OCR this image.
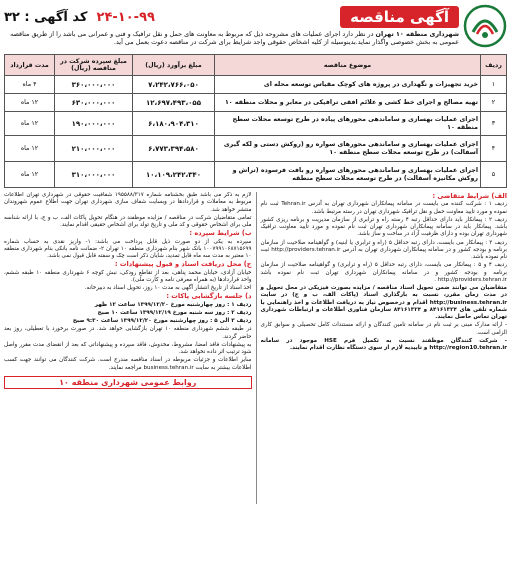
آگهی مناقصه
۲۴-۱۰-۹۹  کد آگهی : ۳۲
شهرداری منطقه ۱۰ تهران در نظر دارد اجرای عملیات های مشروحه ذیل که مربوط به معاونت های حمل و نقل ترافیک و فنی و عمرانی می باشد را از طریق مناقصه عمومی به بخش خصوصی واگذار نماید.بدینوسیله از کلیه اشخاص حقوقی واجد شرایط برای شرکت در مناقصه دعوت بعمل می آید.
ردیف	موضوع مناقصه	مبلغ برآورد (ریال)	مبلغ سپرده شرکت در مناقصه (ریال)	مدت قرارداد
۱	خرید تجهیزات و نگهداری در پروژه های کوچک مقیاس توسعه محله ای	۷،۲۴۲،۷۶۶،۰۵۰	۳۶۰،۰۰۰،۰۰۰	۴ ماه
۲	تهیه مصالح و اجرای خط کشی و علائم افقی ترافیکی در معابر و محلات منطقه ۱۰	۱۲،۶۹۷،۴۹۳،۰۵۵	۶۳۰،۰۰۰،۰۰۰	۱۲ ماه
۳	اجرای عملیات بهسازی و ساماندهی محورهای پیاده در طرح توسعه محلات سطح منطقه ۱۰	۶،۱۸۰،۹۰۴،۳۱۰	۱۹۰،۰۰۰،۰۰۰	۱۲ ماه
۴	اجرای عملیات بهسازی و ساماندهی محورهای سواره رو (روکش دستی و لکه گیری آسفالت) در طرح توسعه محلات سطح منطقه ۱۰	۶،۷۷۳،۳۹۴،۵۸۰	۲۱۰،۰۰۰،۰۰۰	۱۲ ماه
۵	اجرای عملیات بهسازی و ساماندهی محورهای سواره رو بافت فرسوده (تراش و روکش مکانیزه آسفالت) در طرح توسعه محلات سطح منطقه	۱۰،۱۰۹،۲۴۲،۳۴۰	۳۱۰،۰۰۰،۰۰۰	۱۲ ماه
الف) شرایط متقاضی :
ردیف ۱ : شرکت کننده می بایست در سامانه پیمانکاران شهرداری تهران به آدرس Tehran.ir ثبت نام نموده و مورد تایید معاونت حمل و نقل ترافیک شهرداری تهران در رسته مرتبط باشد.
ردیف ۲ : پیمانکار باید دارای حداقل رتبه ۴ رسته راه و ترابری از سازمان مدیریت و برنامه ریزی کشور باشد. پیمانکار باید در سامانه پیمانکاران شهرداری تهران ثبت نام نموده و مورد تایید معاونت ترافیک شهرداری تهران بوده و دارای ظرفیت آزاد در ساخت و ساز باشد.
ردیف ۳ : پیمانکار می بایست، دارای رتبه حداقل ۵ (راه و ترابری یا ابنیه) و گواهینامه صلاحیت از سازمان برنامه و بودجه کشور و در سامانه پیمانکاران شهرداری تهران به آدرس http://providers.tehran.ir ثبت نام نموده باشد.
ردیف ۴ و ۵ : پیمانکار می بایست، دارای رتبه حداقل ۵ (راه و ترابری) و گواهینامه صلاحیت از سازمان برنامه و بودجه کشور و در سامانه پیمانکاران شهرداری تهران ثبت نام نموده باشد http://providers.tehran.ir .
متقاضیان می توانند ضمن تحویل اسناد مناقصه / مزایده بصورت فیزیکی در محل تحویل و در مدت زمان مقرر، نسبت به بارگذاری اسناد (پاکات الف، ب و ج) در سایت http://business.tehran.ir اقدام و درخصوص نیاز به دریافت اطلاعات و اخذ راهنمایی با شماره تلفن های ۸۴۱۶۱۳۲۴ و ۸۴۱۶۱۳۲۴ سازمان فناوری اطلاعات و ارتباطات شهرداری تهران تماس حاصل نمایند.
- ارائه مدارک مبنی بر ثبت نام در سامانه تامین کنندگان و ارائه مستندات کامل تحصیلی و سوابق کاری الزامی است.
- شرکت کنندگان موظفند نسبت به تکمیل فرم HSE موجود در سامانه http://region10.tehran.ir و تاییدیه لازم از سوی دستگاه نظارت اقدام نمایند.
لازم به ذکر می باشد طبق بخشنامه شماره ۱۹۵۵۸۸/۳۱۷ شفافیت حقوقی در شهرداری تهران اطلاعات مربوط به معاملات و قراردادها در وبسایت شفاف سازی شهرداری تهران جهت اطلاع عموم شهروندان منتشر خواهد شد.
تمامی متقاضیان شرکت در مناقصه / مزایده موظفند در هنگام تحویل پاکات الف، ب و ج، با ارائه شناسه ملی برای اشخاص حقوقی و کد ملی و تاریخ تولد برای اشخاص حقیقی اقدام نمایند.
ب) شرایط سپرده :
سپرده به یکی از دو صورت ذیل قابل پرداخت می باشد: ۱- واریز نقدی به حساب شماره ۱۰۰۷۹۹۱۰۶۸۷۱۵۶۹۹ بانک شهر بنام شهرداری منطقه ۱۰ تهران ۲- ضمانت نامه بانکی بنام شهرداری منطقه ۱۰ معتبر به مدت سه ماه قابل تمدید، شایان ذکر است چک و سفته قابل قبول نمی باشد.
ج) محل دریافت اسناد و قبول پیشنهادات :
خیابان آزادی، خیابان محمد پناهی، بعد از تقاطع رودکی، نبش کوچه ۶ شهرداری منطقه ۱۰ طبقه ششم، واحد قراردادها (به همراه معرفی نامه و کارت ملی).
اخذ اسناد از تاریخ انتشار آگهی به مدت ۱۰ روز، تحویل اسناد به دبیرخانه.
د) جلسه بازگشایی پاکات :
ردیف ۱ : روز چهارشنبه مورخ ۱۳۹۹/۱۲/۲۰ ساعت ۱۲ ظهر
ردیف ۲ : روز سه شنبه مورخ ۱۳۹۹/۱۲/۱۹ ساعت ۱۰ صبح
ردیف ۳ الی ۵ : روز چهارشنبه مورخ ۱۳۹۹/۱۲/۲۰ ساعت ۹:۳۰ صبح
در طبقه ششم شهرداری منطقه ۱۰ تهران بازگشایی خواهد شد. در صورت برخورد با تعطیلی، روز بعد حاضر گردند.
به پیشنهادات فاقد امضا، مشروط، مخدوش، فاقد سپرده و پیشنهاداتی که بعد از انقضای مدت مقرر واصل شود ترتیب اثر داده نخواهد شد.
سایر اطلاعات و جزئیات مربوطه در اسناد مناقصه مندرج است. شرکت کنندگان می توانند جهت کسب اطلاعات بیشتر به سایت business.tehran.ir مراجعه نمایند.
روابط عمومی شهرداری منطقه ۱۰
